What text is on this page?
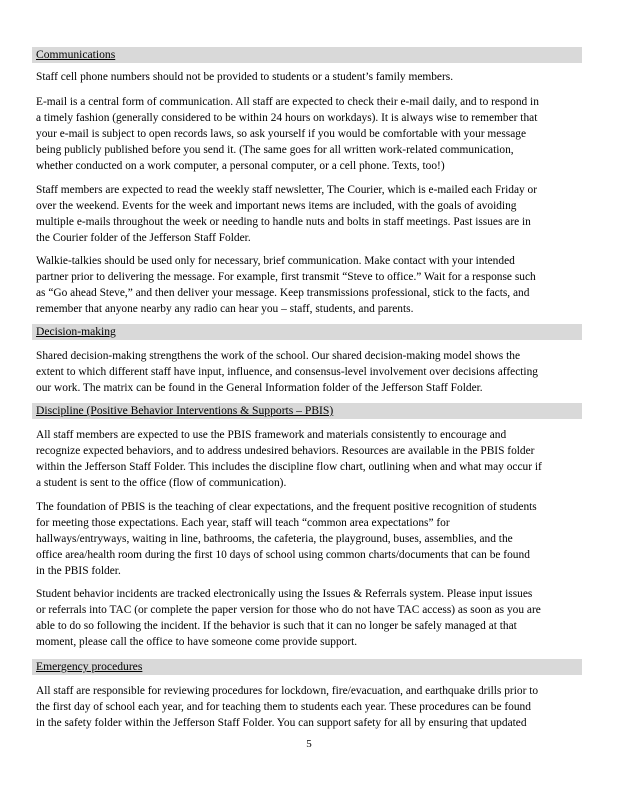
Communications

Staff cell phone numbers should not be provided to students or a student’s family members.

E-mail is a central form of communication. All staff are expected to check their e-mail daily, and to respond in
a timely fashion (generally considered to be within 24 hours on workdays). It is always wise to remember that
your e-mail is subject to open records laws, so ask yourself if you would be comfortable with your message
being publicly published before you send it. (The same goes for all written work-related communication,
whether conducted on a work computer, a personal computer, or a cell phone. Texts, too!)

Staff members are expected to read the weekly staff newsletter, The Courier, which is e-mailed each Friday or
over the weekend. Events for the week and important news items are included, with the goals of avoiding
multiple e-mails throughout the week or needing to handle nuts and bolts in staff meetings. Past issues are in
the Courier folder of the Jefferson Staff Folder.

Walkie-talkies should be used only for necessary, brief communication. Make contact with your intended
partner prior to delivering the message. For example, first transmit “Steve to office.” Wait for a response such
as “Go ahead Steve,” and then deliver your message. Keep transmissions professional, stick to the facts, and
remember that anyone nearby any radio can hear you – staff, students, and parents.

Decision-making

Shared decision-making strengthens the work of the school. Our shared decision-making model shows the
extent to which different staff have input, influence, and consensus-level involvement over decisions affecting
our work. The matrix can be found in the General Information folder of the Jefferson Staff Folder.

Discipline (Positive Behavior Interventions & Supports – PBIS)

All staff members are expected to use the PBIS framework and materials consistently to encourage and
recognize expected behaviors, and to address undesired behaviors. Resources are available in the PBIS folder
within the Jefferson Staff Folder. This includes the discipline flow chart, outlining when and what may occur if
a student is sent to the office (flow of communication).

The foundation of PBIS is the teaching of clear expectations, and the frequent positive recognition of students
for meeting those expectations. Each year, staff will teach “common area expectations” for
hallways/entryways, waiting in line, bathrooms, the cafeteria, the playground, buses, assemblies, and the
office area/health room during the first 10 days of school using common charts/documents that can be found
in the PBIS folder.

Student behavior incidents are tracked electronically using the Issues & Referrals system. Please input issues
or referrals into TAC (or complete the paper version for those who do not have TAC access) as soon as you are
able to do so following the incident. If the behavior is such that it can no longer be safely managed at that
moment, please call the office to have someone come provide support.

Emergency procedures

All staff are responsible for reviewing procedures for lockdown, fire/evacuation, and earthquake drills prior to
the first day of school each year, and for teaching them to students each year. These procedures can be found
in the safety folder within the Jefferson Staff Folder. You can support safety for all by ensuring that updated

5
